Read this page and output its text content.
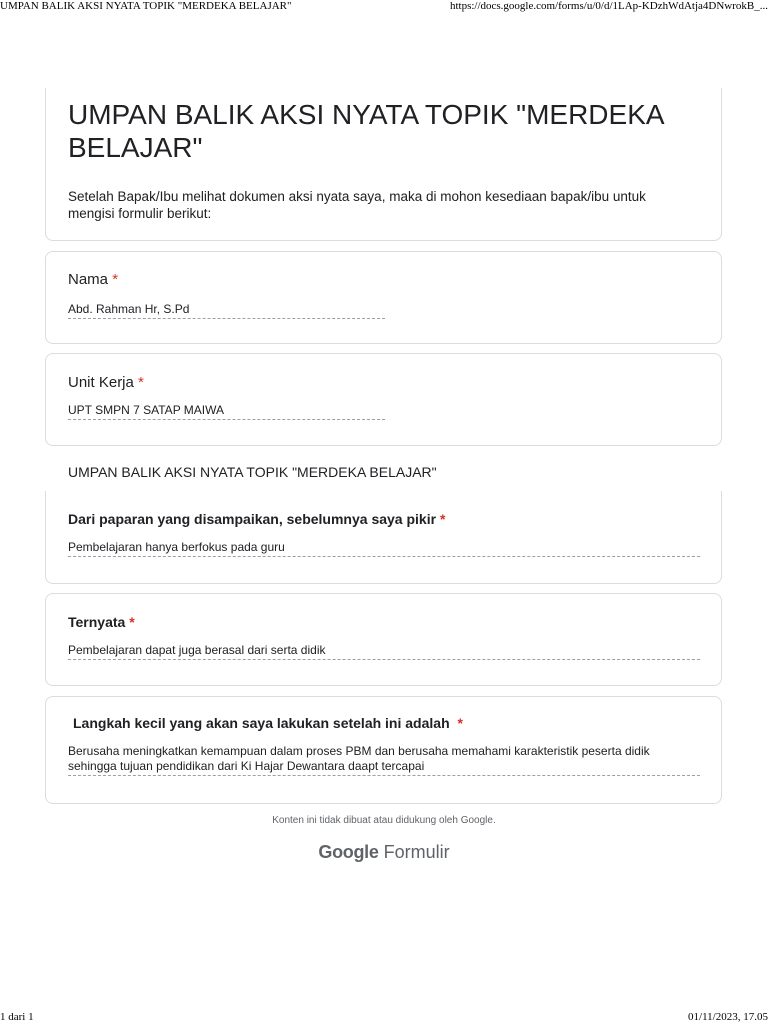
UMPAN BALIK AKSI NYATA TOPIK "MERDEKA BELAJAR"	https://docs.google.com/forms/u/0/d/1LAp-KDzhWdAtja4DNwrokB_...
UMPAN BALIK AKSI NYATA TOPIK "MERDEKA BELAJAR"
Setelah Bapak/Ibu melihat dokumen aksi nyata saya, maka di mohon kesediaan bapak/ibu untuk mengisi formulir berikut:
Nama *
Abd. Rahman Hr, S.Pd
Unit Kerja *
UPT SMPN 7 SATAP MAIWA
UMPAN BALIK AKSI NYATA TOPIK "MERDEKA BELAJAR"
Dari paparan yang disampaikan, sebelumnya saya pikir *
Pembelajaran hanya berfokus pada guru
Ternyata *
Pembelajaran dapat juga berasal dari serta didik
Langkah kecil yang akan saya lakukan setelah ini adalah *
Berusaha meningkatkan kemampuan dalam proses PBM dan berusaha memahami karakteristik peserta didik sehingga tujuan pendidikan dari Ki Hajar Dewantara daapt tercapai
Konten ini tidak dibuat atau didukung oleh Google.
Google Formulir
1 dari 1	01/11/2023, 17.05
